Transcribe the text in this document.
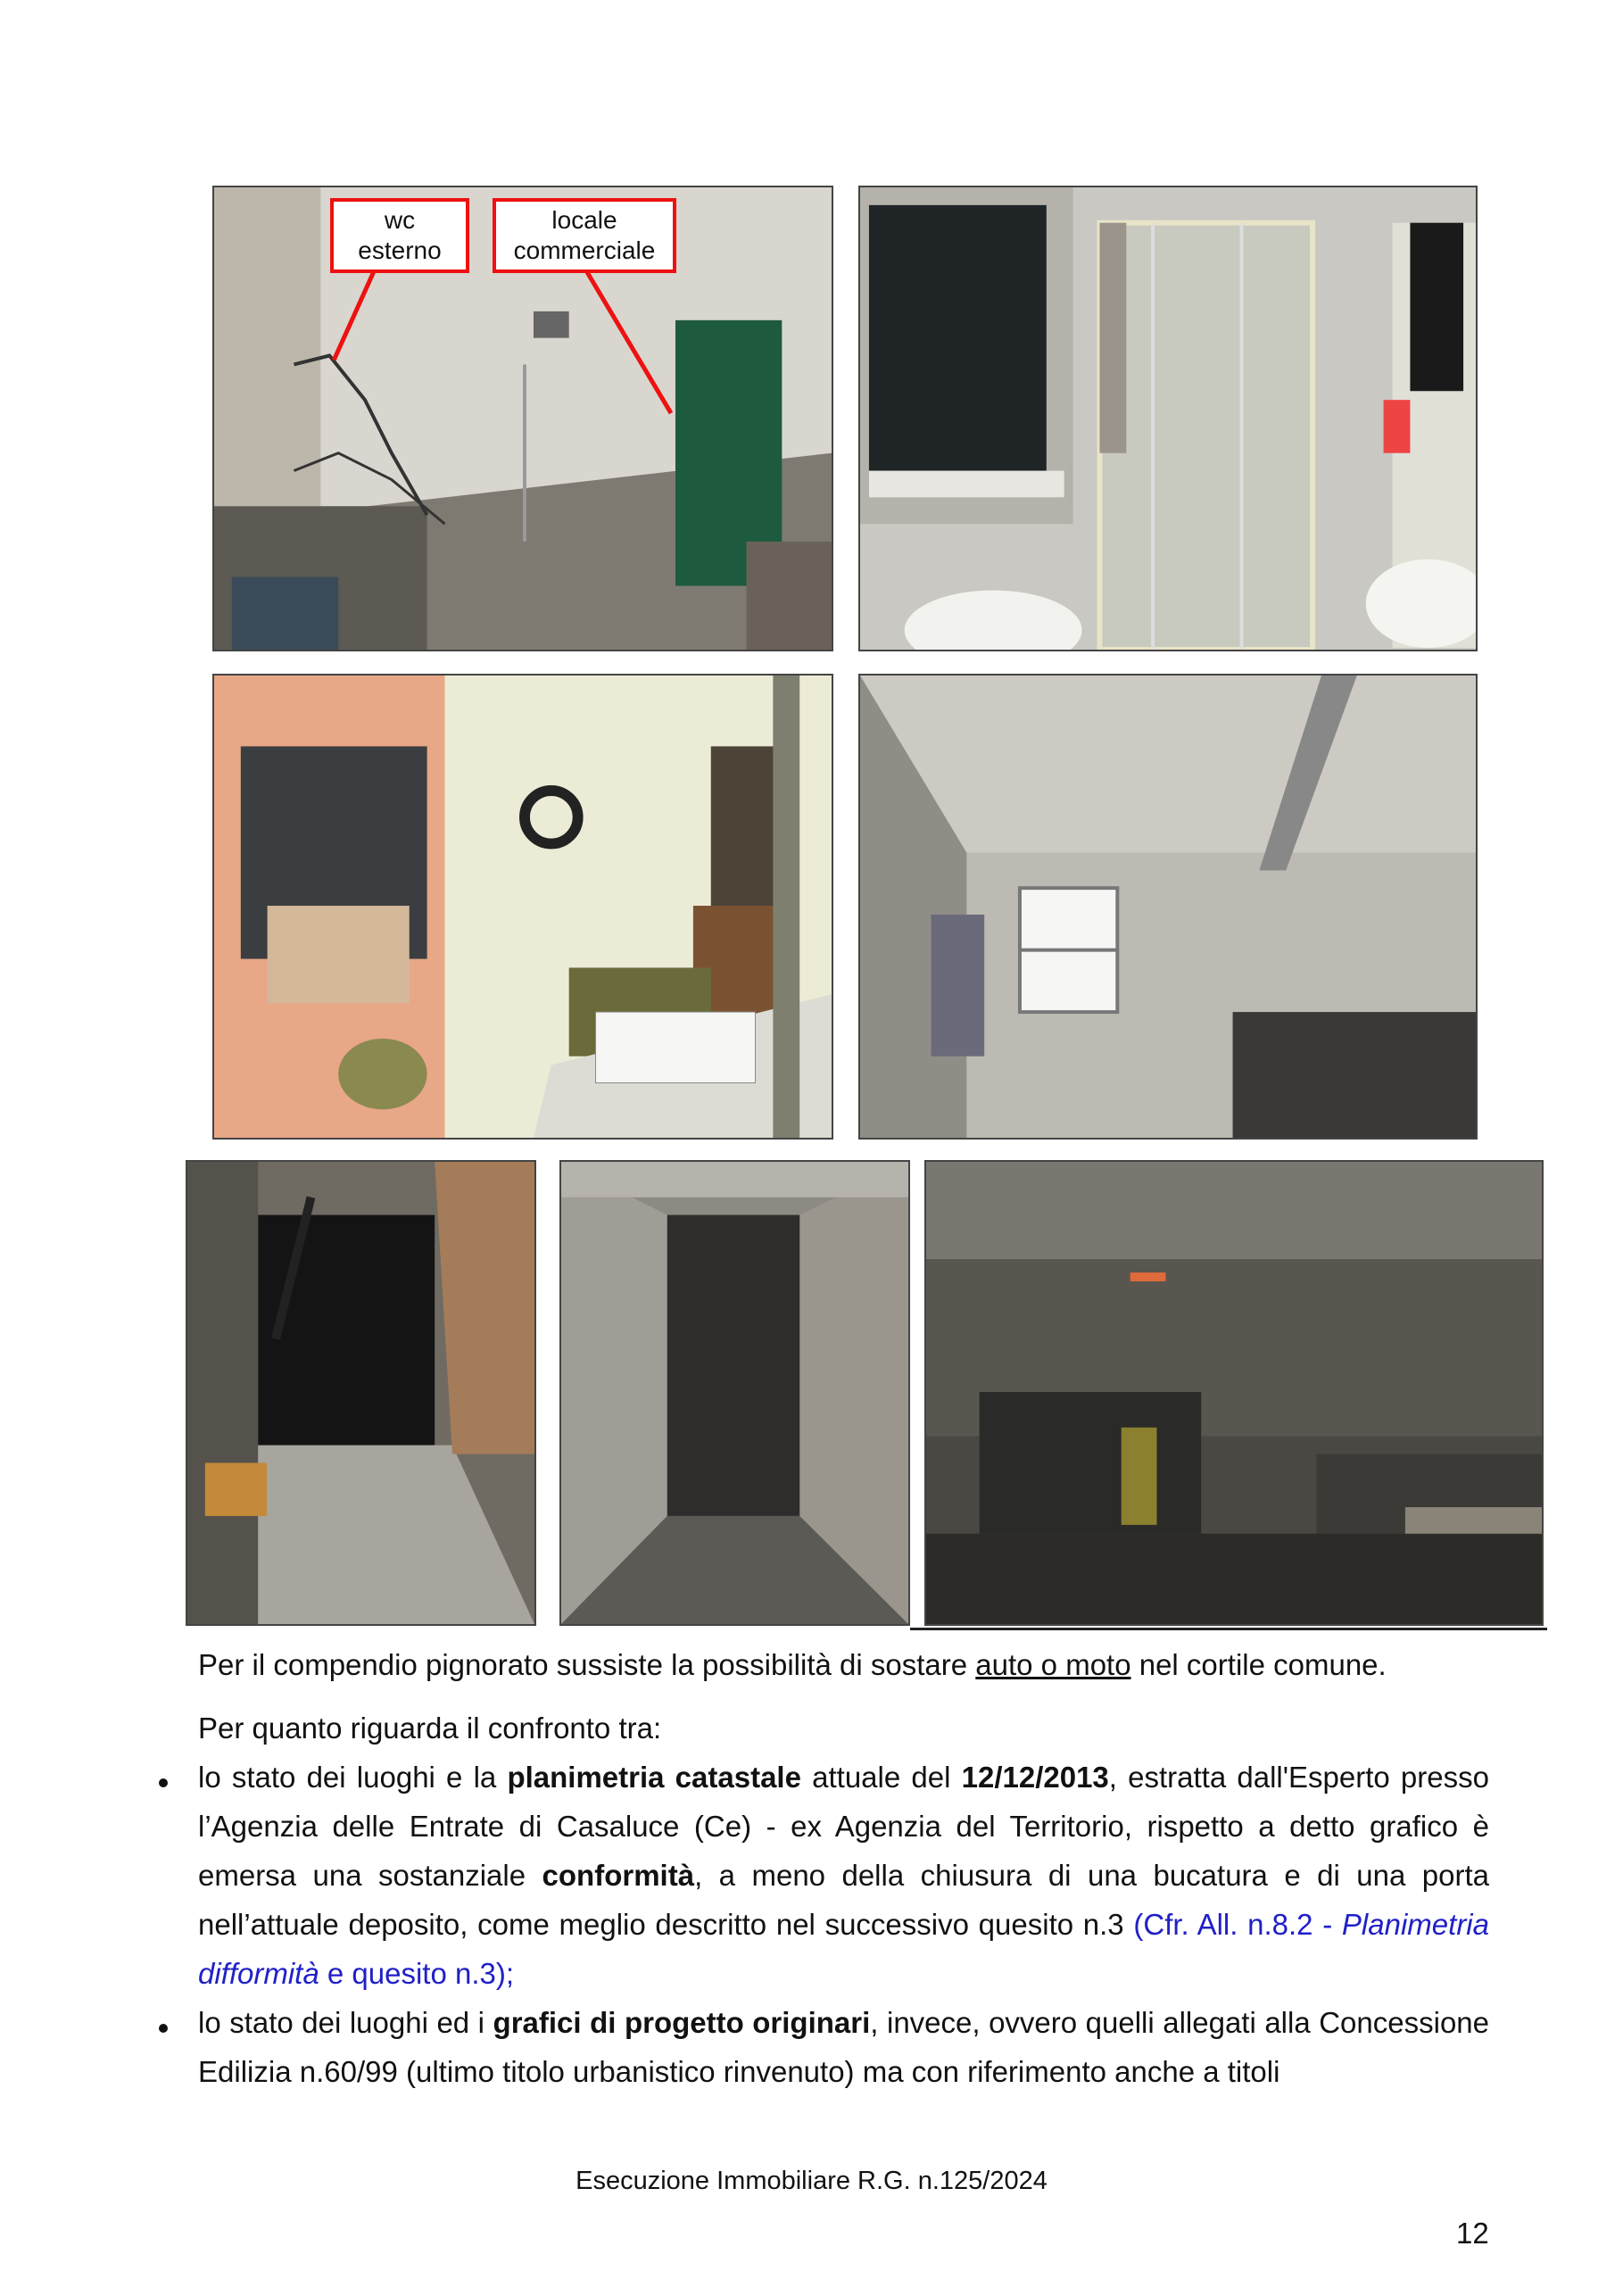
wc
esterno
locale
commerciale

Per il compendio pignorato sussiste la possibilità di sostare auto o moto nel cortile comune.

Per quanto riguarda il confronto tra:

lo stato dei luoghi e la planimetria catastale attuale del 12/12/2013, estratta dall'Esperto presso l’Agenzia delle Entrate di Casaluce (Ce) - ex Agenzia del Territorio, rispetto a detto grafico è emersa una sostanziale conformità, a meno della chiusura di una bucatura e di una porta nell’attuale deposito, come meglio descritto nel successivo quesito n.3 (Cfr. All. n.8.2 - Planimetria difformità e quesito n.3);

lo stato dei luoghi ed i grafici di progetto originari, invece, ovvero quelli allegati alla Concessione Edilizia n.60/99 (ultimo titolo urbanistico rinvenuto) ma con riferimento anche a titoli

Esecuzione Immobiliare R.G. n.125/2024
12
